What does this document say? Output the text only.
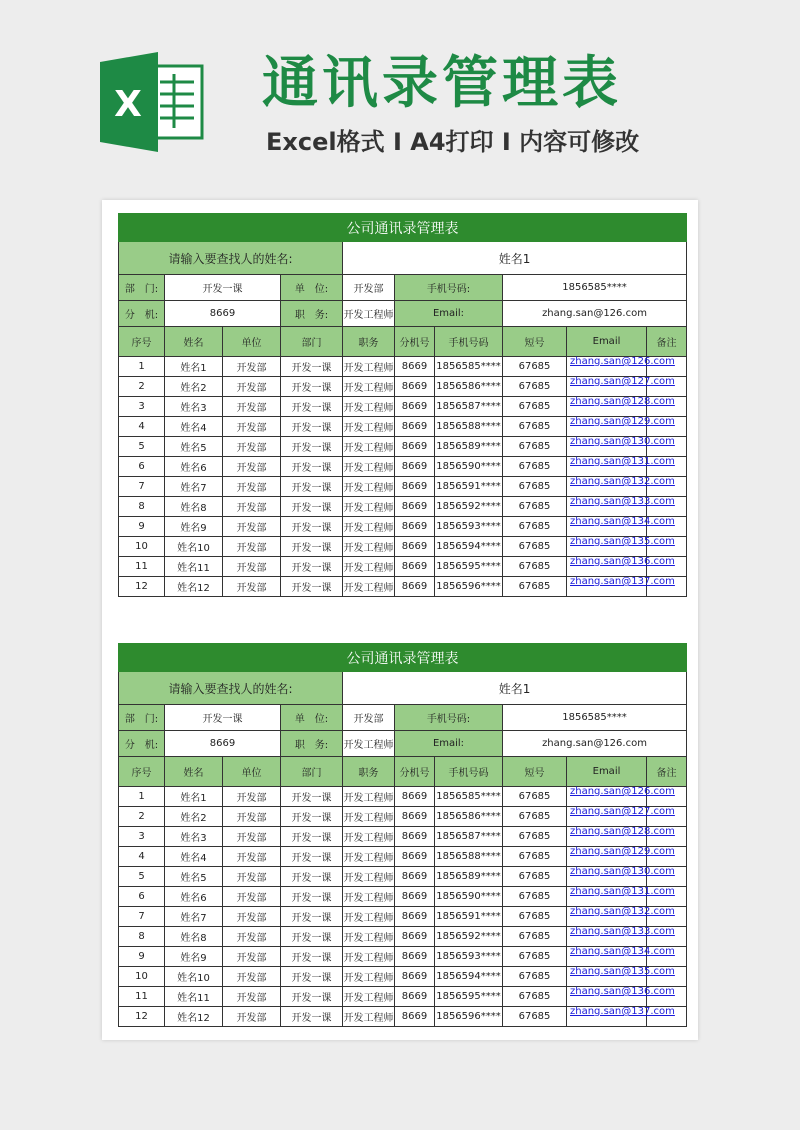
X 通讯录管理表
Excel格式 I A4打印 I 内容可修改
公司通讯录管理表									
请输入要查找人的姓名:				姓名1					
部　门:	开发一课		单　位:	开发部	手机号码:		1856585****		
分　机:	8669		职　务:	开发工程师	Email:		zhang.san@126.com		
序号	姓名	单位	部门	职务	分机号	手机号码	短号	Email	备注
1	姓名1	开发部	开发一课	开发工程师	8669	1856585****	67685	zhang.san@126.com	

2	姓名2	开发部	开发一课	开发工程师	8669	1856586****	67685	zhang.san@127.com	

3	姓名3	开发部	开发一课	开发工程师	8669	1856587****	67685	zhang.san@128.com	

4	姓名4	开发部	开发一课	开发工程师	8669	1856588****	67685	zhang.san@129.com	

5	姓名5	开发部	开发一课	开发工程师	8669	1856589****	67685	zhang.san@130.com	

6	姓名6	开发部	开发一课	开发工程师	8669	1856590****	67685	zhang.san@131.com	

7	姓名7	开发部	开发一课	开发工程师	8669	1856591****	67685	zhang.san@132.com	

8	姓名8	开发部	开发一课	开发工程师	8669	1856592****	67685	zhang.san@133.com	

9	姓名9	开发部	开发一课	开发工程师	8669	1856593****	67685	zhang.san@134.com	

10	姓名10	开发部	开发一课	开发工程师	8669	1856594****	67685	zhang.san@135.com	

11	姓名11	开发部	开发一课	开发工程师	8669	1856595****	67685	zhang.san@136.com	

12	姓名12	开发部	开发一课	开发工程师	8669	1856596****	67685	zhang.san@137.com	

公司通讯录管理表									
请输入要查找人的姓名:				姓名1					
部　门:	开发一课		单　位:	开发部	手机号码:		1856585****		
分　机:	8669		职　务:	开发工程师	Email:		zhang.san@126.com		
序号	姓名	单位	部门	职务	分机号	手机号码	短号	Email	备注
1	姓名1	开发部	开发一课	开发工程师	8669	1856585****	67685	zhang.san@126.com	

2	姓名2	开发部	开发一课	开发工程师	8669	1856586****	67685	zhang.san@127.com	

3	姓名3	开发部	开发一课	开发工程师	8669	1856587****	67685	zhang.san@128.com	

4	姓名4	开发部	开发一课	开发工程师	8669	1856588****	67685	zhang.san@129.com	

5	姓名5	开发部	开发一课	开发工程师	8669	1856589****	67685	zhang.san@130.com	

6	姓名6	开发部	开发一课	开发工程师	8669	1856590****	67685	zhang.san@131.com	

7	姓名7	开发部	开发一课	开发工程师	8669	1856591****	67685	zhang.san@132.com	

8	姓名8	开发部	开发一课	开发工程师	8669	1856592****	67685	zhang.san@133.com	

9	姓名9	开发部	开发一课	开发工程师	8669	1856593****	67685	zhang.san@134.com	

10	姓名10	开发部	开发一课	开发工程师	8669	1856594****	67685	zhang.san@135.com	

11	姓名11	开发部	开发一课	开发工程师	8669	1856595****	67685	zhang.san@136.com	

12	姓名12	开发部	开发一课	开发工程师	8669	1856596****	67685	zhang.san@137.com	
